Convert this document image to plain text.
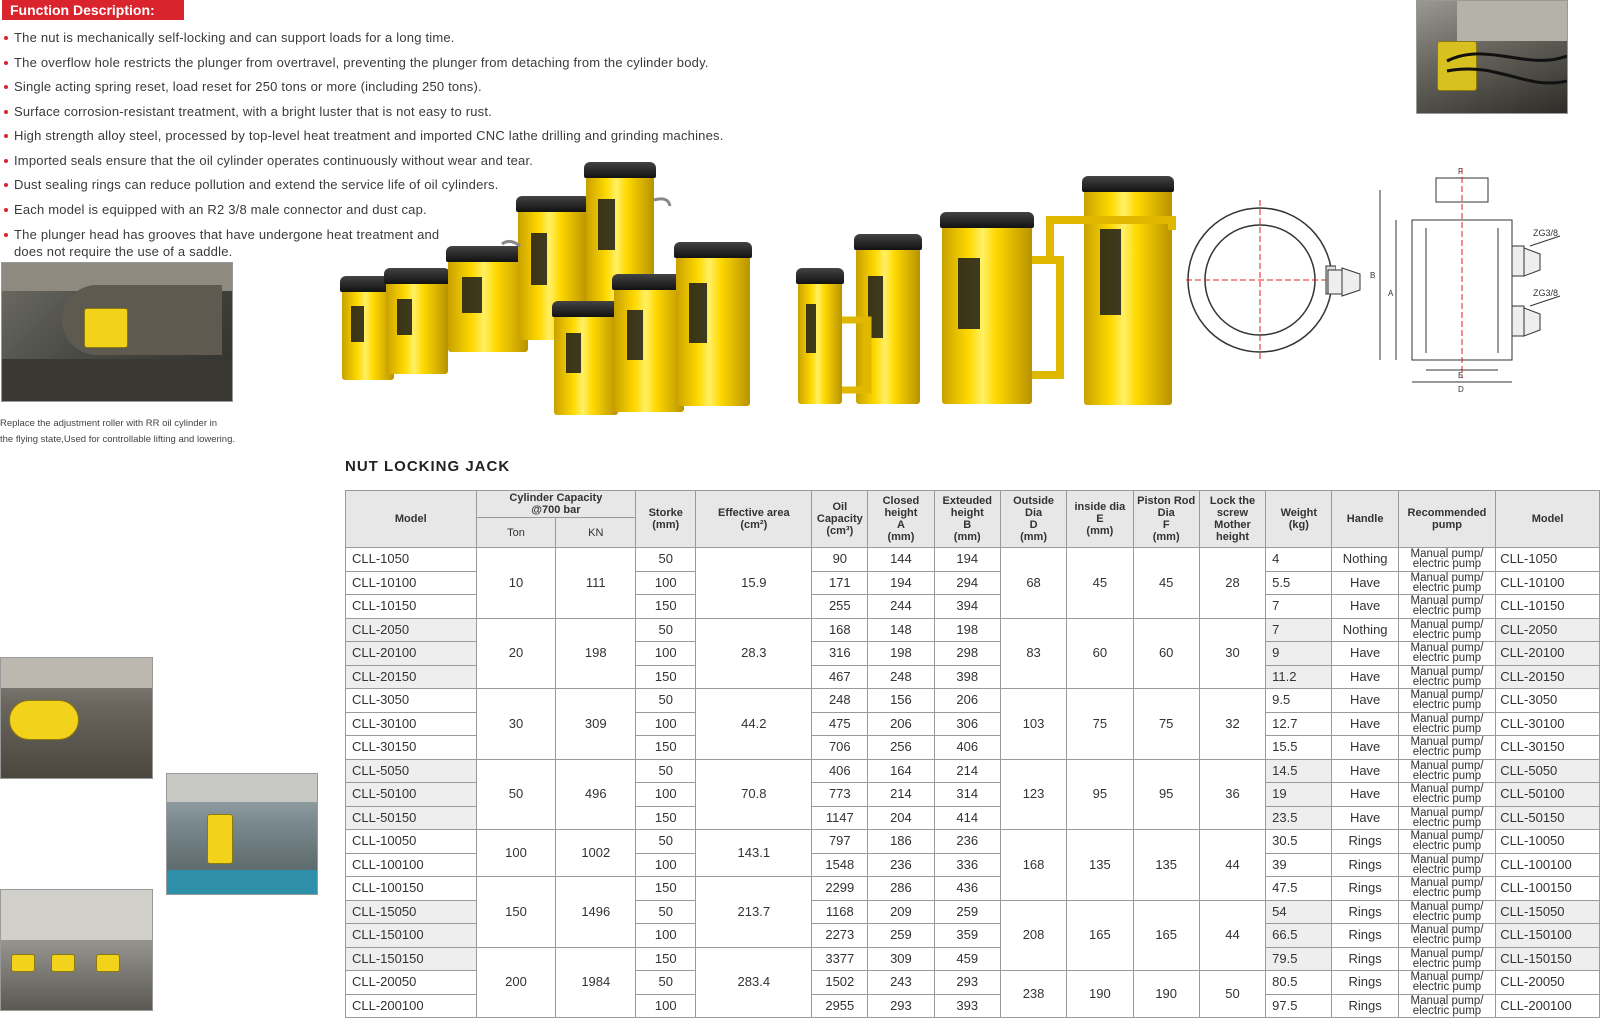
Function Description:
The nut is mechanically self-locking and can support loads for a long time.
The overflow hole restricts the plunger from overtravel, preventing the plunger from detaching from the cylinder body.
Single acting spring reset, load reset for 250 tons or more (including 250 tons).
Surface corrosion-resistant treatment, with a bright luster that is not easy to rust.
High strength alloy steel, processed by top-level heat treatment and imported CNC lathe drilling and grinding machines.
Imported seals ensure that the oil cylinder operates continuously without wear and tear.
Dust sealing rings can reduce pollution and extend the service life of oil cylinders.
Each model is equipped with an R2 3/8 male connector and dust cap.
The plunger head has grooves that have undergone heat treatment and
does not require the use of a saddle.
Replace the adjustment roller with RR oil cylinder in
the flying state,Used for controllable lifting and lowering.
F
B
A
E
D
ZG3/8
ZG3/8
NUT LOCKING JACK
Model	Cylinder Capacity
@700 bar		Storke
(mm)	Effective area
(cm²)	Oil
Capacity
(cm³)	Closed
height
A
(mm)	Exteuded
height
B
(mm)	Outside
Dia
D
(mm)	inside dia
E
(mm)	Piston Rod
Dia
F
(mm)	Lock the
screw
Mother
height	Weight
(kg)	Handle	Recommended
pump	Model
	Ton	KN													
CLL-1050	10	111	50	15.9	90	144	194	68	45	45	28	4	Nothing	Manual pump/
electric pump	CLL-1050
CLL-10100			100		171	194	294					5.5	Have	Manual pump/
electric pump	CLL-10100
CLL-10150			150		255	244	394					7	Have	Manual pump/
electric pump	CLL-10150
CLL-2050	20	198	50	28.3	168	148	198	83	60	60	30	7	Nothing	Manual pump/
electric pump	CLL-2050
CLL-20100			100		316	198	298					9	Have	Manual pump/
electric pump	CLL-20100
CLL-20150			150		467	248	398					11.2	Have	Manual pump/
electric pump	CLL-20150
CLL-3050	30	309	50	44.2	248	156	206	103	75	75	32	9.5	Have	Manual pump/
electric pump	CLL-3050
CLL-30100			100		475	206	306					12.7	Have	Manual pump/
electric pump	CLL-30100
CLL-30150			150		706	256	406					15.5	Have	Manual pump/
electric pump	CLL-30150
CLL-5050	50	496	50	70.8	406	164	214	123	95	95	36	14.5	Have	Manual pump/
electric pump	CLL-5050
CLL-50100			100		773	214	314					19	Have	Manual pump/
electric pump	CLL-50100
CLL-50150			150		1147	204	414					23.5	Have	Manual pump/
electric pump	CLL-50150
CLL-10050	100	1002	50	143.1	797	186	236	168	135	135	44	30.5	Rings	Manual pump/
electric pump	CLL-10050
CLL-100100			100		1548	236	336					39	Rings	Manual pump/
electric pump	CLL-100100
CLL-100150	150	1496	150	213.7	2299	286	436					47.5	Rings	Manual pump/
electric pump	CLL-100150
CLL-15050			50		1168	209	259	208	165	165	44	54	Rings	Manual pump/
electric pump	CLL-15050
CLL-150100			100		2273	259	359					66.5	Rings	Manual pump/
electric pump	CLL-150100
CLL-150150	200	1984	150	283.4	3377	309	459					79.5	Rings	Manual pump/
electric pump	CLL-150150
CLL-20050			50		1502	243	293	238	190	190	50	80.5	Rings	Manual pump/
electric pump	CLL-20050
CLL-200100			100		2955	293	393					97.5	Rings	Manual pump/
electric pump	CLL-200100
